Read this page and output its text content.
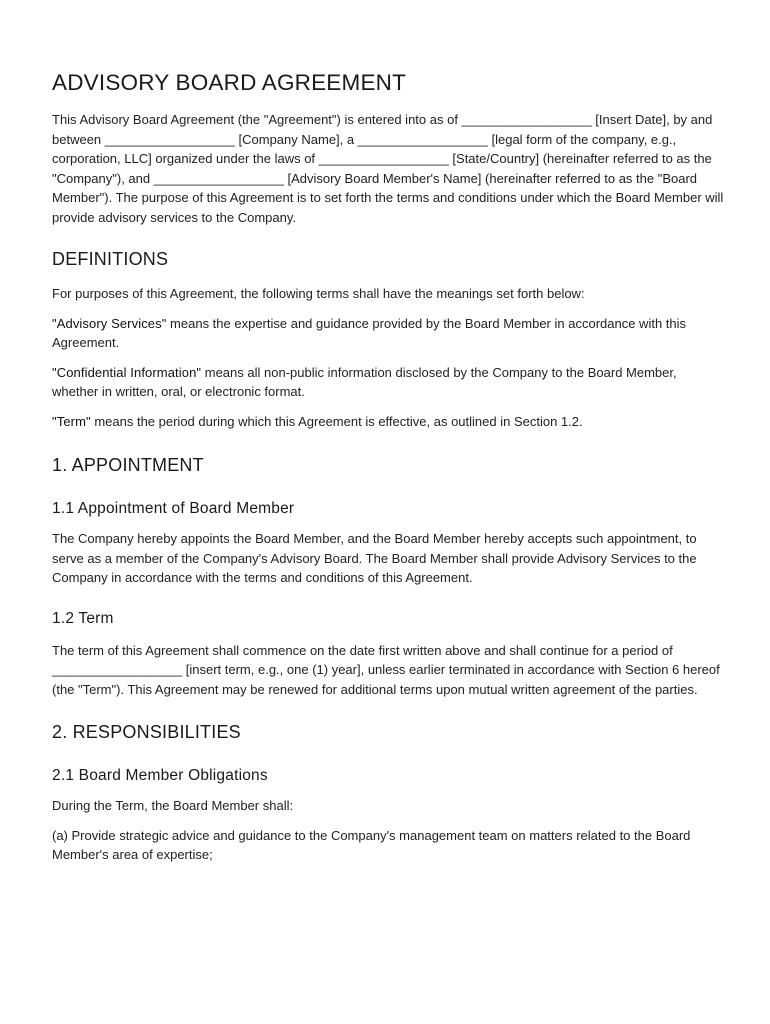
ADVISORY BOARD AGREEMENT

This Advisory Board Agreement (the "Agreement") is entered into as of __________________ [Insert Date], by and between __________________ [Company Name], a __________________ [legal form of the company, e.g., corporation, LLC] organized under the laws of __________________ [State/Country] (hereinafter referred to as the "Company"), and __________________ [Advisory Board Member's Name] (hereinafter referred to as the "Board Member"). The purpose of this Agreement is to set forth the terms and conditions under which the Board Member will provide advisory services to the Company.

DEFINITIONS

For purposes of this Agreement, the following terms shall have the meanings set forth below:

"Advisory Services" means the expertise and guidance provided by the Board Member in accordance with this Agreement.

"Confidential Information" means all non-public information disclosed by the Company to the Board Member, whether in written, oral, or electronic format.

"Term" means the period during which this Agreement is effective, as outlined in Section 1.2.

1. APPOINTMENT
1.1 Appointment of Board Member

The Company hereby appoints the Board Member, and the Board Member hereby accepts such appointment, to serve as a member of the Company's Advisory Board. The Board Member shall provide Advisory Services to the Company in accordance with the terms and conditions of this Agreement.

1.2 Term

The term of this Agreement shall commence on the date first written above and shall continue for a period of __________________ [insert term, e.g., one (1) year], unless earlier terminated in accordance with Section 6 hereof (the "Term"). This Agreement may be renewed for additional terms upon mutual written agreement of the parties.

2. RESPONSIBILITIES
2.1 Board Member Obligations

During the Term, the Board Member shall:

(a) Provide strategic advice and guidance to the Company's management team on matters related to the Board Member's area of expertise;
